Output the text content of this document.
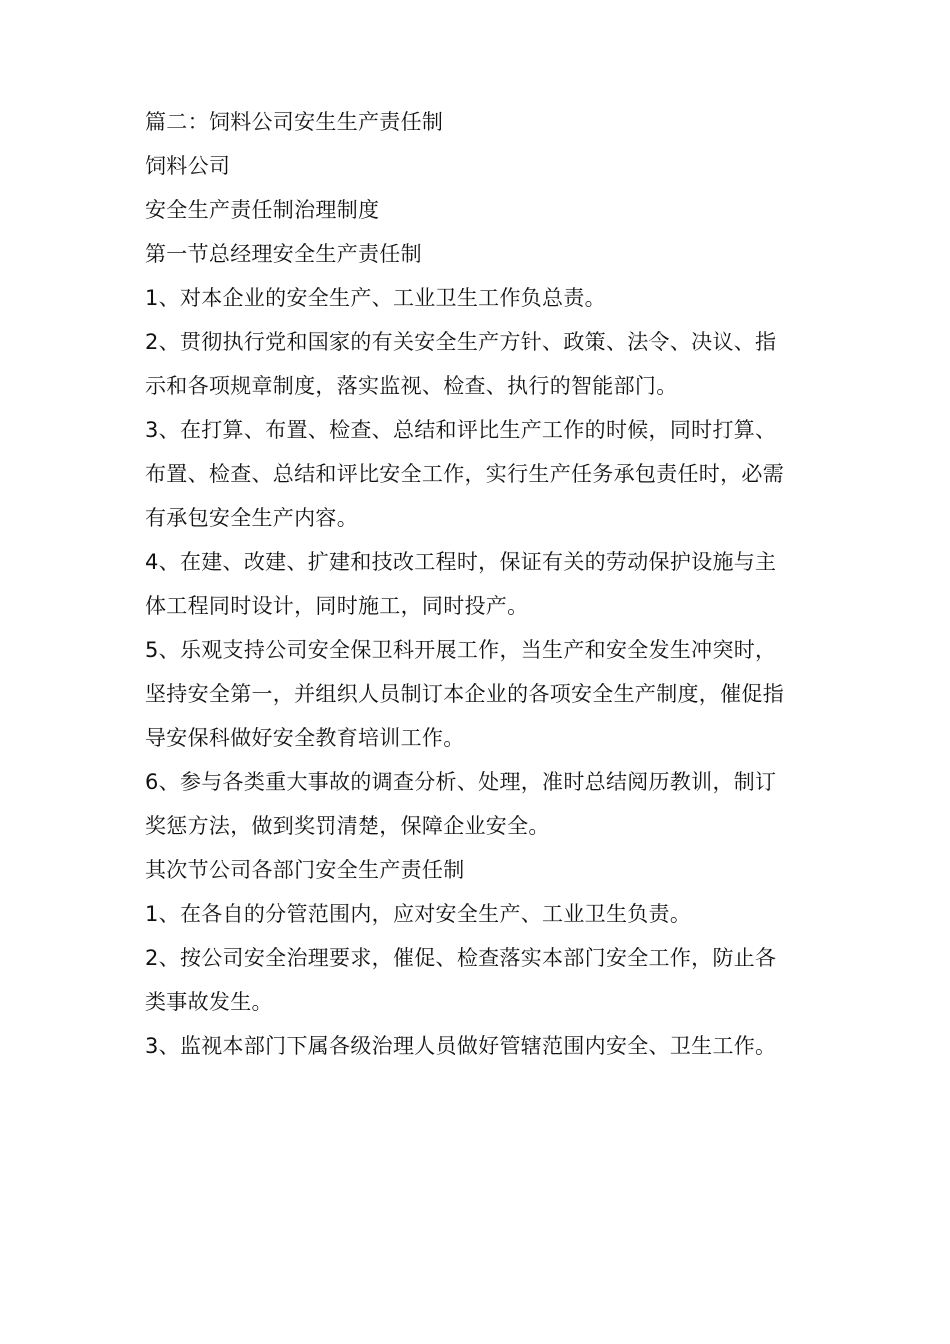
篇二：饲料公司安生生产责任制

饲料公司

安全生产责任制治理制度

第一节总经理安全生产责任制

1、对本企业的安全生产、工业卫生工作负总责。

2、贯彻执行党和国家的有关安全生产方针、政策、法令、决议、指

示和各项规章制度，落实监视、检查、执行的智能部门。

3、在打算、布置、检查、总结和评比生产工作的时候，同时打算、

布置、检查、总结和评比安全工作，实行生产任务承包责任时，必需

有承包安全生产内容。

4、在建、改建、扩建和技改工程时，保证有关的劳动保护设施与主

体工程同时设计，同时施工，同时投产。

5、乐观支持公司安全保卫科开展工作，当生产和安全发生冲突时，

坚持安全第一，并组织人员制订本企业的各项安全生产制度，催促指

导安保科做好安全教育培训工作。

6、参与各类重大事故的调查分析、处理，准时总结阅历教训，制订

奖惩方法，做到奖罚清楚，保障企业安全。

其次节公司各部门安全生产责任制

1、在各自的分管范围内，应对安全生产、工业卫生负责。

2、按公司安全治理要求，催促、检查落实本部门安全工作，防止各

类事故发生。

3、监视本部门下属各级治理人员做好管辖范围内安全、卫生工作。
